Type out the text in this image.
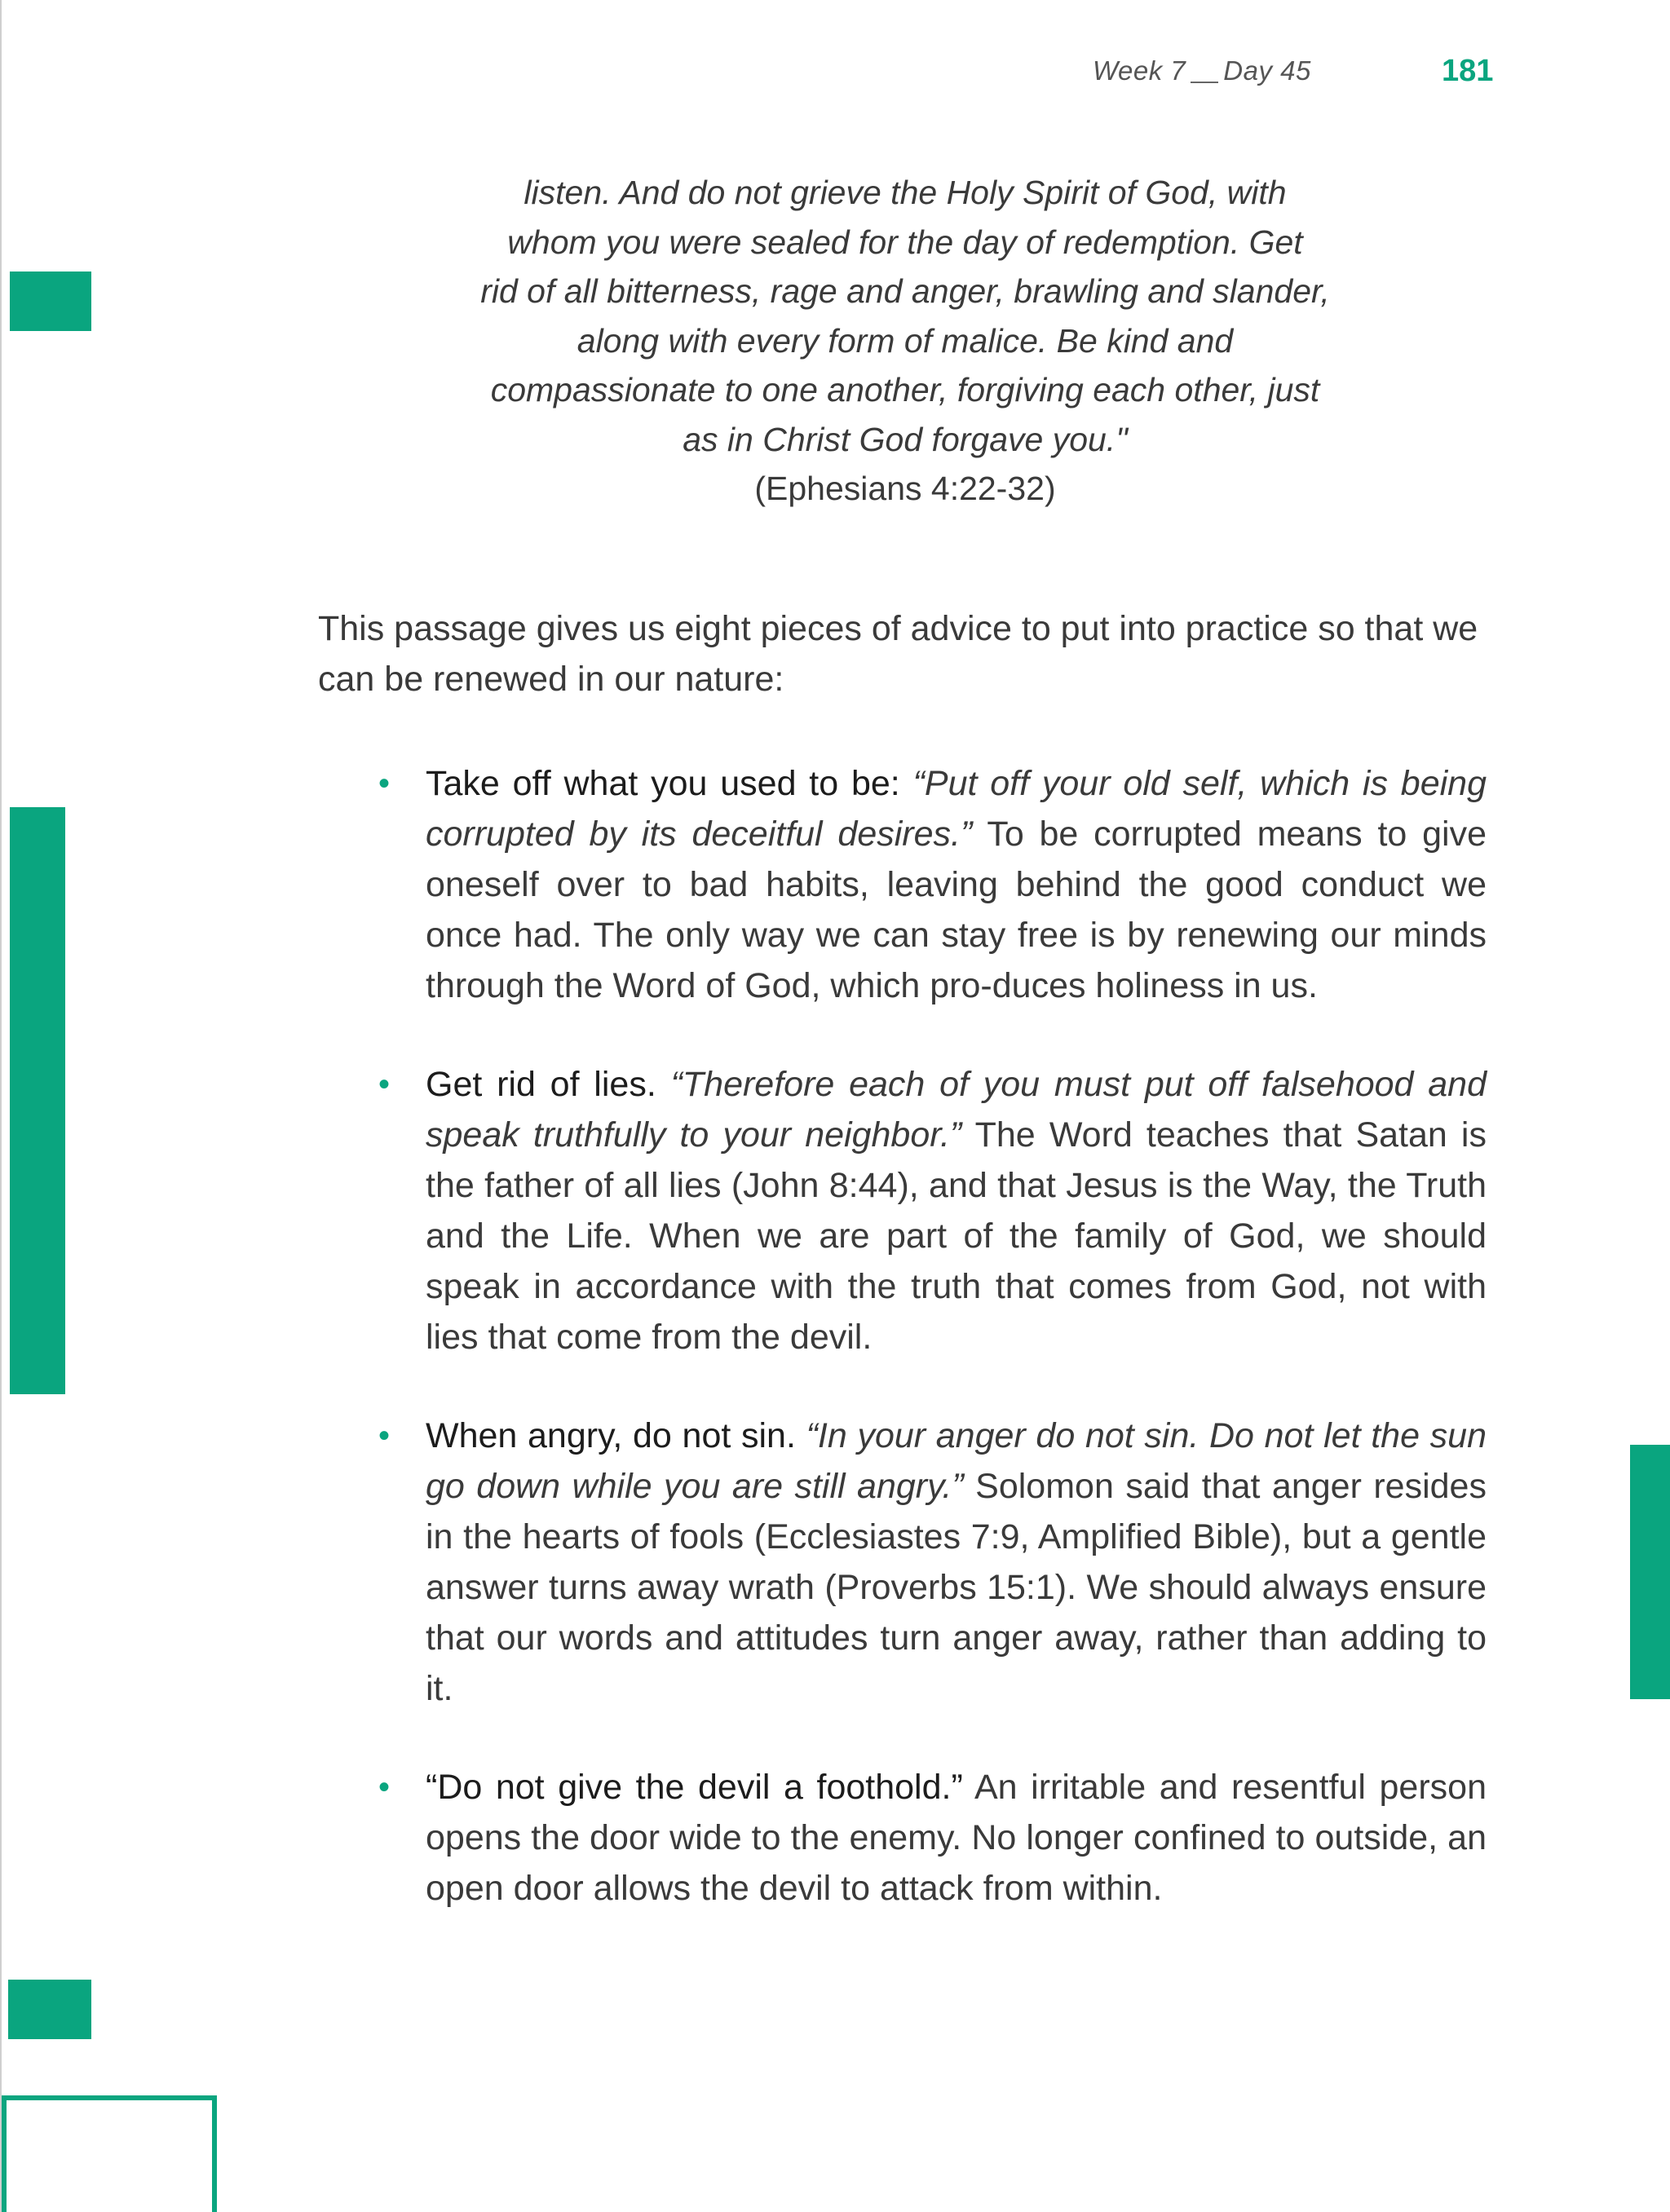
Week 7 Day 45	181
listen. And do not grieve the Holy Spirit of God, with
whom you were sealed for the day of redemption. Get
rid of all bitterness, rage and anger, brawling and slander,
along with every form of malice. Be kind and
compassionate to one another, forgiving each other, just
as in Christ God forgave you."
(Ephesians 4:22-32)

This passage gives us eight pieces of advice to put into practice so that we can be renewed in our nature:

• Take off what you used to be: “Put off your old self, which is being corrupted by its deceitful desires.” To be corrupted means to give oneself over to bad habits, leaving behind the good conduct we once had. The only way we can stay free is by renewing our minds through the Word of God, which pro-duces holiness in us.
• Get rid of lies. “Therefore each of you must put off falsehood and speak truthfully to your neighbor.” The Word teaches that Satan is the father of all lies (John 8:44), and that Jesus is the Way, the Truth and the Life. When we are part of the family of God, we should speak in accordance with the truth that comes from God, not with lies that come from the devil.
• When angry, do not sin. “In your anger do not sin. Do not let the sun go down while you are still angry.” Solomon said that anger resides in the hearts of fools (Ecclesiastes 7:9, Amplified Bible), but a gentle answer turns away wrath (Proverbs 15:1). We should always ensure that our words and attitudes turn anger away, rather than adding to it.
• “Do not give the devil a foothold.” An irritable and resentful person opens the door wide to the enemy. No longer confined to outside, an open door allows the devil to attack from within.
